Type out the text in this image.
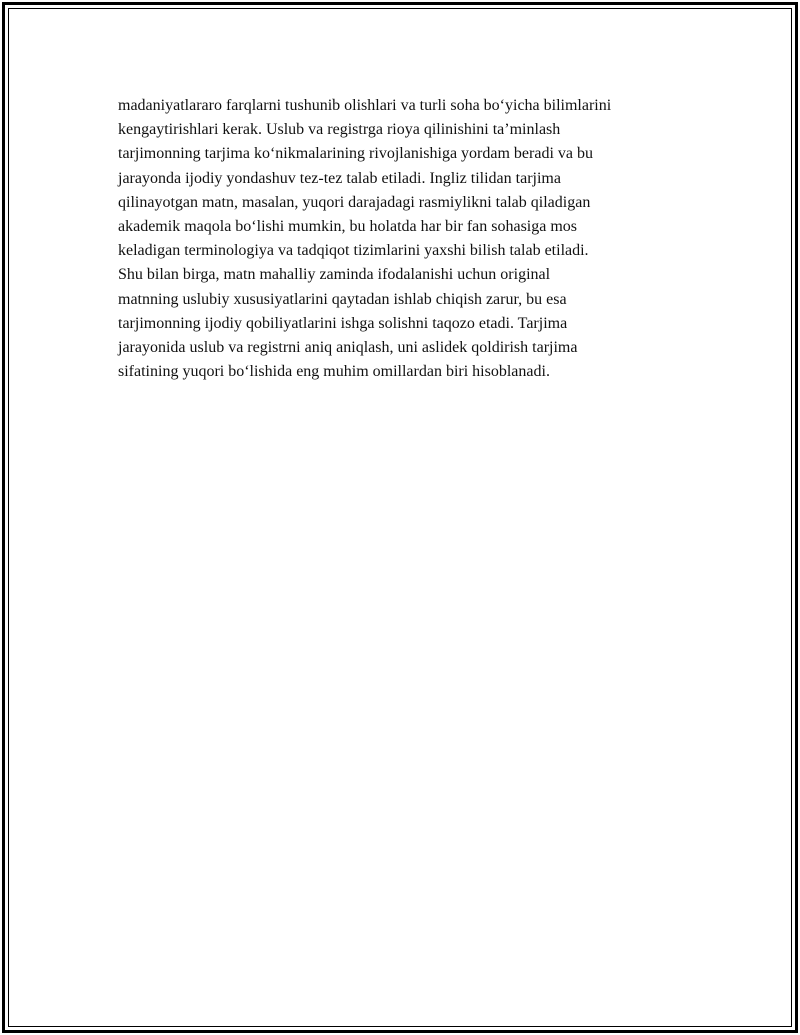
madaniyatlararo farqlarni tushunib olishlari va turli soha bo‘yicha bilimlarini
kengaytirishlari kerak. Uslub va registrga rioya qilinishini ta’minlash
tarjimonning tarjima ko‘nikmalarining rivojlanishiga yordam beradi va bu
jarayonda ijodiy yondashuv tez-tez talab etiladi. Ingliz tilidan tarjima
qilinayotgan matn, masalan, yuqori darajadagi rasmiylikni talab qiladigan
akademik maqola bo‘lishi mumkin, bu holatda har bir fan sohasiga mos
keladigan terminologiya va tadqiqot tizimlarini yaxshi bilish talab etiladi.
Shu bilan birga, matn mahalliy zaminda ifodalanishi uchun original
matnning uslubiy xususiyatlarini qaytadan ishlab chiqish zarur, bu esa
tarjimonning ijodiy qobiliyatlarini ishga solishni taqozo etadi. Tarjima
jarayonida uslub va registrni aniq aniqlash, uni aslidek qoldirish tarjima
sifatining yuqori bo‘lishida eng muhim omillardan biri hisoblanadi.
